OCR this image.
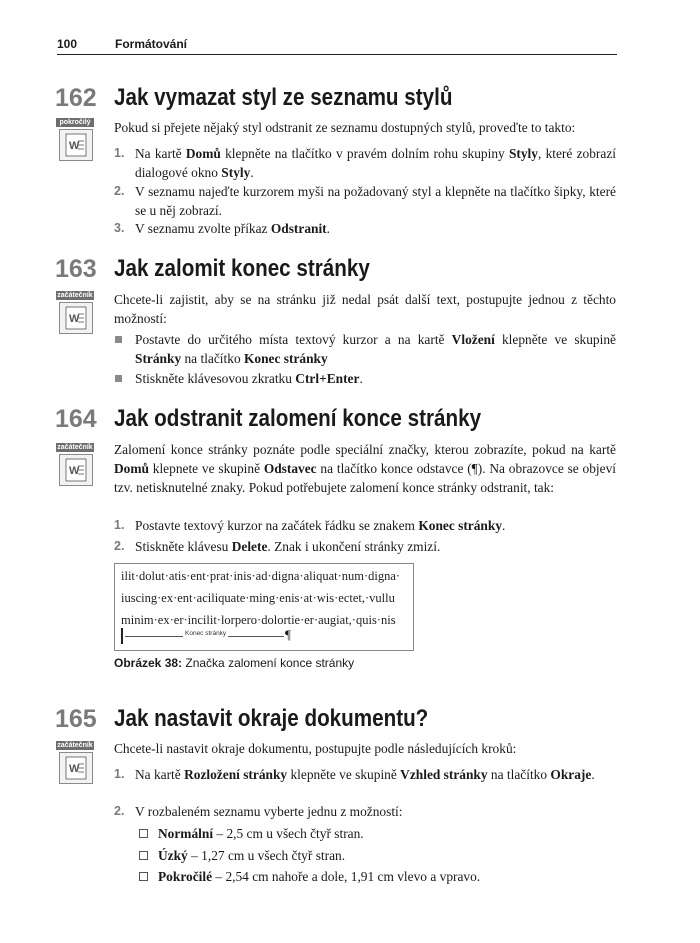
100	Formátování
162 Jak vymazat styl ze seznamu stylů
pokročilý
W
Pokud si přejete nějaký styl odstranit ze seznamu dostupných stylů, proveďte to takto:
1. Na kartě Domů klepněte na tlačítko v pravém dolním rohu skupiny Styly, které zobrazí dialogové okno Styly.
2. V seznamu najeďte kurzorem myši na požadovaný styl a klepněte na tlačítko šipky, které se u něj zobrazí.
3. V seznamu zvolte příkaz Odstranit.
163 Jak zalomit konec stránky
začátečník
W
Chcete-li zajistit, aby se na stránku již nedal psát další text, postupujte jednou z těchto možností:
Postavte do určitého místa textový kurzor a na kartě Vložení klepněte ve skupině Stránky na tlačítko Konec stránky
Stiskněte klávesovou zkratku Ctrl+Enter.
164 Jak odstranit zalomení konce stránky
začátečník
W
Zalomení konce stránky poznáte podle speciální značky, kterou zobrazíte, pokud na kartě Domů klepnete ve skupině Odstavec na tlačítko konce odstavce (¶). Na obrazovce se objeví tzv. netisknutelné znaky. Pokud potřebujete zalomení konce stránky odstranit, tak:
1. Postavte textový kurzor na začátek řádku se znakem Konec stránky.
2. Stiskněte klávesu Delete. Znak i ukončení stránky zmizí.
ilit·dolut·atis·ent·prat·inis·ad·digna·aliquat·num·digna·
iuscing·ex·ent·aciliquate·ming·enis·at·wis·ectet,·vullu
minim·ex·er·incilit·lorpero·dolortie·er·augiat,·quis·nis
Konec stránky	¶
Obrázek 38: Značka zalomení konce stránky
165 Jak nastavit okraje dokumentu?
začátečník
W
Chcete-li nastavit okraje dokumentu, postupujte podle následujících kroků:
1. Na kartě Rozložení stránky klepněte ve skupině Vzhled stránky na tlačítko Okraje.
2. V rozbaleném seznamu vyberte jednu z možností:
Normální – 2,5 cm u všech čtyř stran.
Úzký – 1,27 cm u všech čtyř stran.
Pokročilé – 2,54 cm nahoře a dole, 1,91 cm vlevo a vpravo.
